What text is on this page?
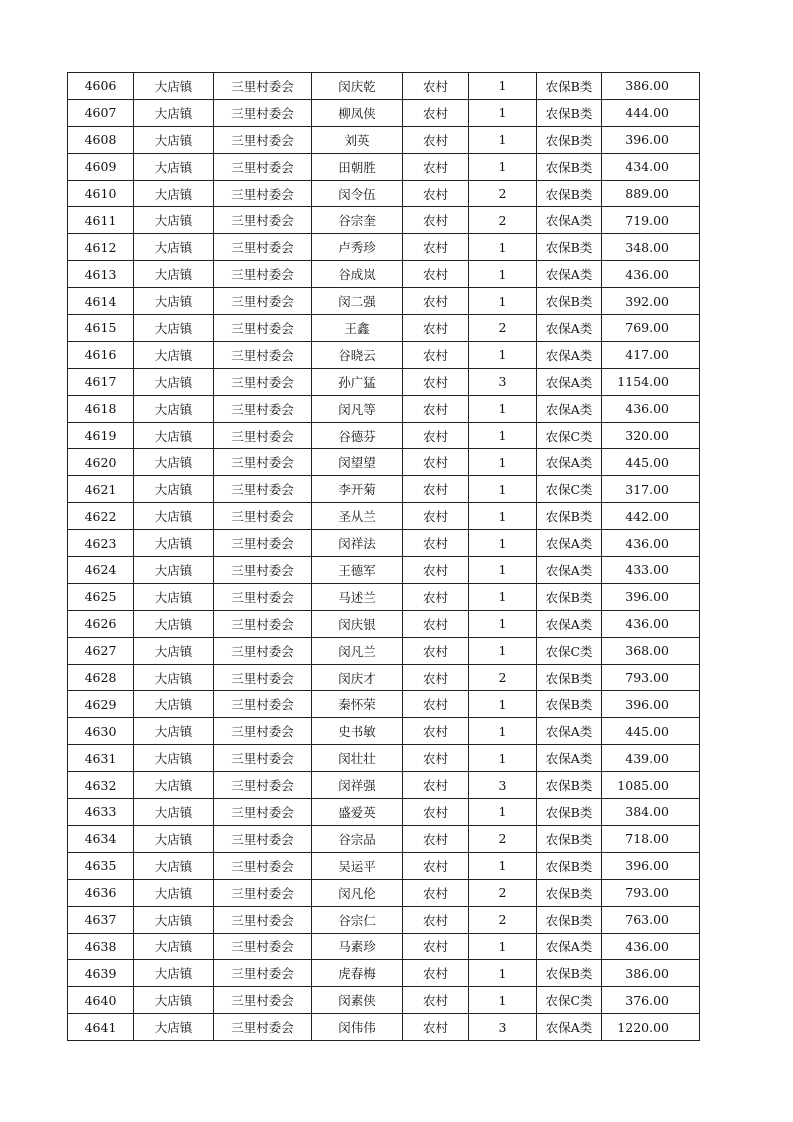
4606	大店镇	三里村委会	闵庆乾	农村	1	农保B类	386.00
4607	大店镇	三里村委会	柳凤侠	农村	1	农保B类	444.00
4608	大店镇	三里村委会	刘英	农村	1	农保B类	396.00
4609	大店镇	三里村委会	田朝胜	农村	1	农保B类	434.00
4610	大店镇	三里村委会	闵令伍	农村	2	农保B类	889.00
4611	大店镇	三里村委会	谷宗奎	农村	2	农保A类	719.00
4612	大店镇	三里村委会	卢秀珍	农村	1	农保B类	348.00
4613	大店镇	三里村委会	谷成岚	农村	1	农保A类	436.00
4614	大店镇	三里村委会	闵二强	农村	1	农保B类	392.00
4615	大店镇	三里村委会	王鑫	农村	2	农保A类	769.00
4616	大店镇	三里村委会	谷晓云	农村	1	农保A类	417.00
4617	大店镇	三里村委会	孙广猛	农村	3	农保A类	1154.00
4618	大店镇	三里村委会	闵凡等	农村	1	农保A类	436.00
4619	大店镇	三里村委会	谷德芬	农村	1	农保C类	320.00
4620	大店镇	三里村委会	闵望望	农村	1	农保A类	445.00
4621	大店镇	三里村委会	李开菊	农村	1	农保C类	317.00
4622	大店镇	三里村委会	圣从兰	农村	1	农保B类	442.00
4623	大店镇	三里村委会	闵祥法	农村	1	农保A类	436.00
4624	大店镇	三里村委会	王德军	农村	1	农保A类	433.00
4625	大店镇	三里村委会	马述兰	农村	1	农保B类	396.00
4626	大店镇	三里村委会	闵庆银	农村	1	农保A类	436.00
4627	大店镇	三里村委会	闵凡兰	农村	1	农保C类	368.00
4628	大店镇	三里村委会	闵庆才	农村	2	农保B类	793.00
4629	大店镇	三里村委会	秦怀荣	农村	1	农保B类	396.00
4630	大店镇	三里村委会	史书敏	农村	1	农保A类	445.00
4631	大店镇	三里村委会	闵壮壮	农村	1	农保A类	439.00
4632	大店镇	三里村委会	闵祥强	农村	3	农保B类	1085.00
4633	大店镇	三里村委会	盛爱英	农村	1	农保B类	384.00
4634	大店镇	三里村委会	谷宗品	农村	2	农保B类	718.00
4635	大店镇	三里村委会	吴运平	农村	1	农保B类	396.00
4636	大店镇	三里村委会	闵凡伦	农村	2	农保B类	793.00
4637	大店镇	三里村委会	谷宗仁	农村	2	农保B类	763.00
4638	大店镇	三里村委会	马素珍	农村	1	农保A类	436.00
4639	大店镇	三里村委会	虎春梅	农村	1	农保B类	386.00
4640	大店镇	三里村委会	闵素侠	农村	1	农保C类	376.00
4641	大店镇	三里村委会	闵伟伟	农村	3	农保A类	1220.00
